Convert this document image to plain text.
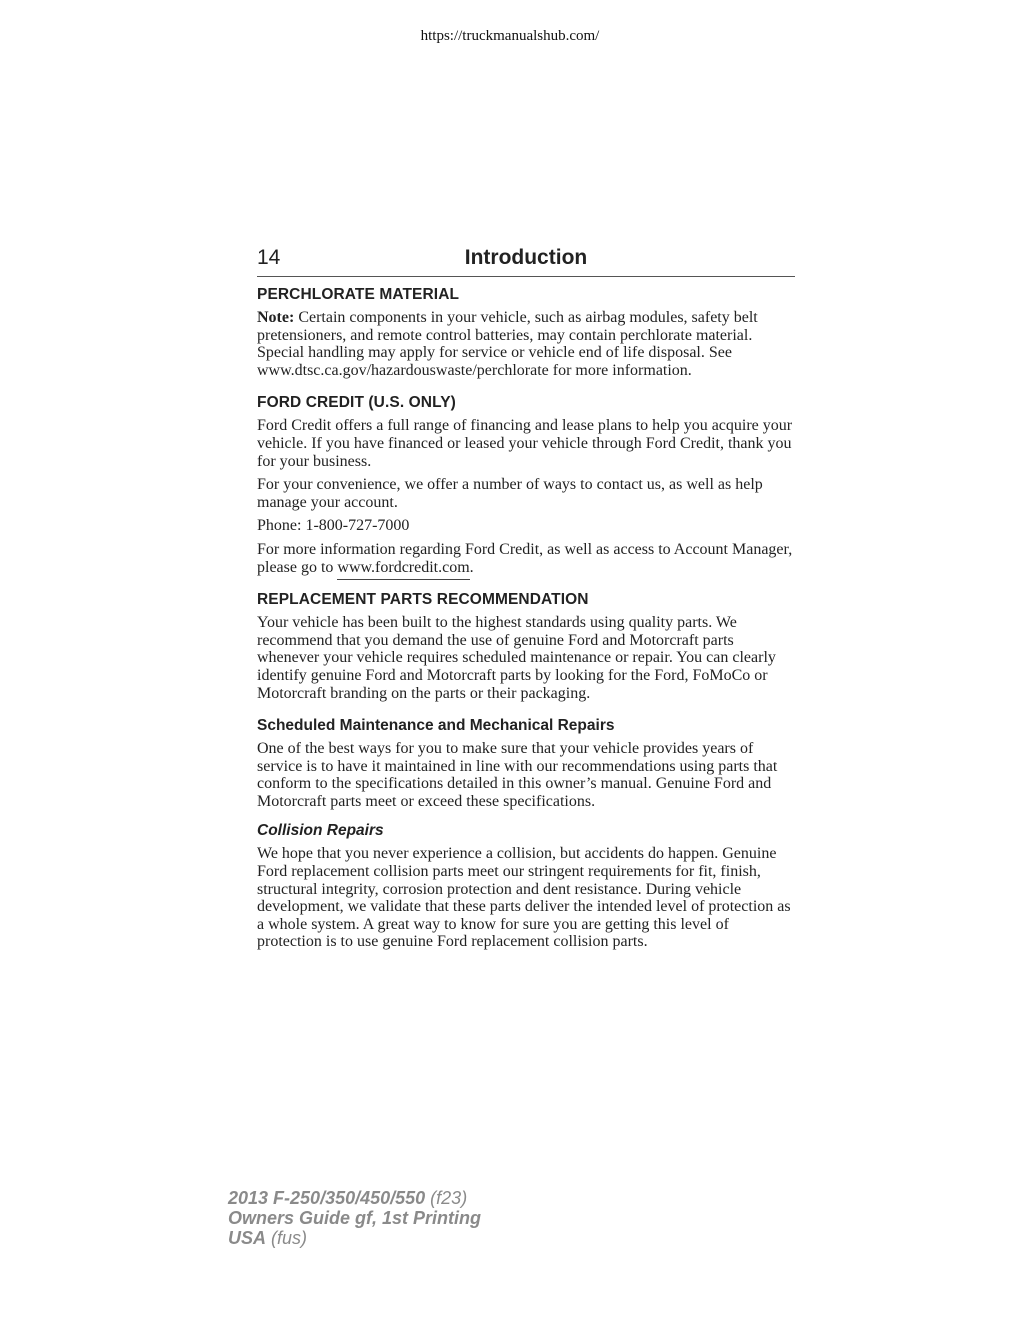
https://truckmanualshub.com/
14	Introduction
PERCHLORATE MATERIAL

Note: Certain components in your vehicle, such as airbag modules, safety belt pretensioners, and remote control batteries, may contain perchlorate material. Special handling may apply for service or vehicle end of life disposal. See www.dtsc.ca.gov/hazardouswaste/perchlorate for more information.

FORD CREDIT (U.S. ONLY)

Ford Credit offers a full range of financing and lease plans to help you acquire your vehicle. If you have financed or leased your vehicle through Ford Credit, thank you for your business.

For your convenience, we offer a number of ways to contact us, as well as help manage your account.

Phone: 1-800-727-7000

For more information regarding Ford Credit, as well as access to Account Manager, please go to www.fordcredit.com.

REPLACEMENT PARTS RECOMMENDATION

Your vehicle has been built to the highest standards using quality parts. We recommend that you demand the use of genuine Ford and Motorcraft parts whenever your vehicle requires scheduled maintenance or repair. You can clearly identify genuine Ford and Motorcraft parts by looking for the Ford, FoMoCo or Motorcraft branding on the parts or their packaging.

Scheduled Maintenance and Mechanical Repairs

One of the best ways for you to make sure that your vehicle provides years of service is to have it maintained in line with our recommendations using parts that conform to the specifications detailed in this owner’s manual. Genuine Ford and Motorcraft parts meet or exceed these specifications.

Collision Repairs

We hope that you never experience a collision, but accidents do happen. Genuine Ford replacement collision parts meet our stringent requirements for fit, finish, structural integrity, corrosion protection and dent resistance. During vehicle development, we validate that these parts deliver the intended level of protection as a whole system. A great way to know for sure you are getting this level of protection is to use genuine Ford replacement collision parts.

2013 F-250/350/450/550 (f23)
Owners Guide gf, 1st Printing
USA (fus)
